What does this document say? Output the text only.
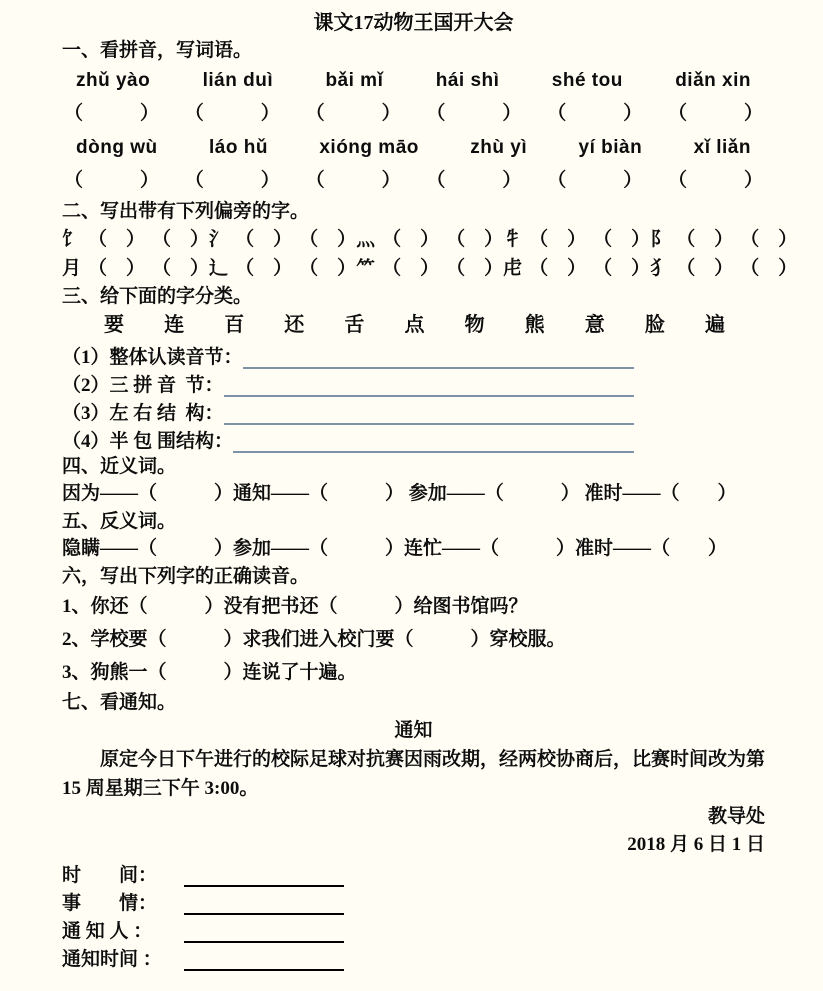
课文17动物王国开大会
一、看拼音，写词语。
zhǔ yào	lián duì	bǎi mǐ	hái shì	shé tou	diǎn xin
（　　　） （　　　） （　　　） （　　　） （　　　） （　　　）
dòng wù	láo hǔ	xióng māo	zhù yì	yí biàn	xǐ liǎn
（　　　） （　　　） （　　　） （　　　） （　　　） （　　　）
二、写出带有下列偏旁的字。
饣 （　） （　） 氵 （　） （　） 灬 （　） （　） 牜 （　） （　） 阝 （　） （　）
月 （　） （　） 辶 （　） （　） ⺮ （　） （　） 虍 （　） （　） 犭 （　） （　）
三、给下面的字分类。
要 连 百 还 舌 点 物 熊 意 脸 遍
（1）整体认读音节：
（2）三 拼 音  节：
（3）左 右 结  构：
（4）半 包 围结构：
四、近义词。
因为——（　　　）通知——（　　　） 参加——（　　　） 准时——（　　）
五、反义词。
隐瞒——（　　　）参加——（　　　）连忙——（　　　）准时——（　　）
六，写出下列字的正确读音。
1、你还（　　　）没有把书还（　　　）给图书馆吗？
2、学校要（　　　）求我们进入校门要（　　　）穿校服。
3、狗熊一（　　　）连说了十遍。
七、看通知。
通知

原定今日下午进行的校际足球对抗赛因雨改期，经两校协商后，比赛时间改为第 15 周星期三下午 3:00。

教导处
2018 月 6 日 1 日
时　　间：
事　　情：
通 知 人 ：
通知时间 ：
